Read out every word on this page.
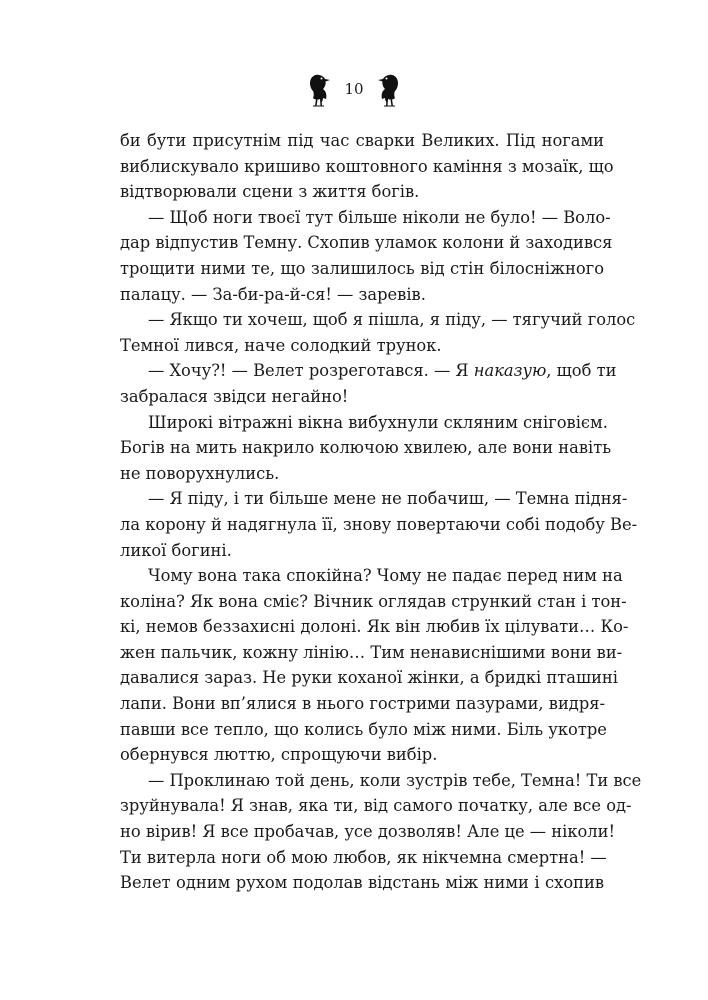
10
би бути присутнім під час сварки Великих. Під ногами
виблискувало кришиво коштовного каміння з мозаїк, що
відтворювали сцени з життя богів.
— Щоб ноги твоєї тут більше ніколи не було! — Воло-
дар відпустив Темну. Схопив уламок колони й заходився
трощити ними те, що залишилось від стін білосніжного
палацу. — За-би-ра-й-ся! — заревів.
— Якщо ти хочеш, щоб я пішла, я піду, — тягучий голос
Темної лився, наче солодкий трунок.
— Хочу?! — Велет розреготався. — Я наказую, щоб ти
забралася звідси негайно!
Широкі вітражні вікна вибухнули скляним сніговієм.
Богів на мить накрило колючою хвилею, але вони навіть
не поворухнулись.
— Я піду, і ти більше мене не побачиш, — Темна підня-
ла корону й надягнула її, знову повертаючи собі подобу Ве-
ликої богині.
Чому вона така спокійна? Чому не падає перед ним на
коліна? Як вона сміє? Вічник оглядав стрункий стан і тон-
кі, немов беззахисні долоні. Як він любив їх цілувати… Ко-
жен пальчик, кожну лінію… Тим ненависнішими вони ви-
давалися зараз. Не руки коханої жінки, а бридкі пташині
лапи. Вони вп’ялися в нього гострими пазурами, видря-
павши все тепло, що колись було між ними. Біль укотре
обернувся люттю, спрощуючи вибір.
— Проклинаю той день, коли зустрів тебе, Темна! Ти все
зруйнувала! Я знав, яка ти, від самого початку, але все од-
но вірив! Я все пробачав, усе дозволяв! Але це — ніколи!
Ти витерла ноги об мою любов, як нікчемна смертна! —
Велет одним рухом подолав відстань між ними і схопив
